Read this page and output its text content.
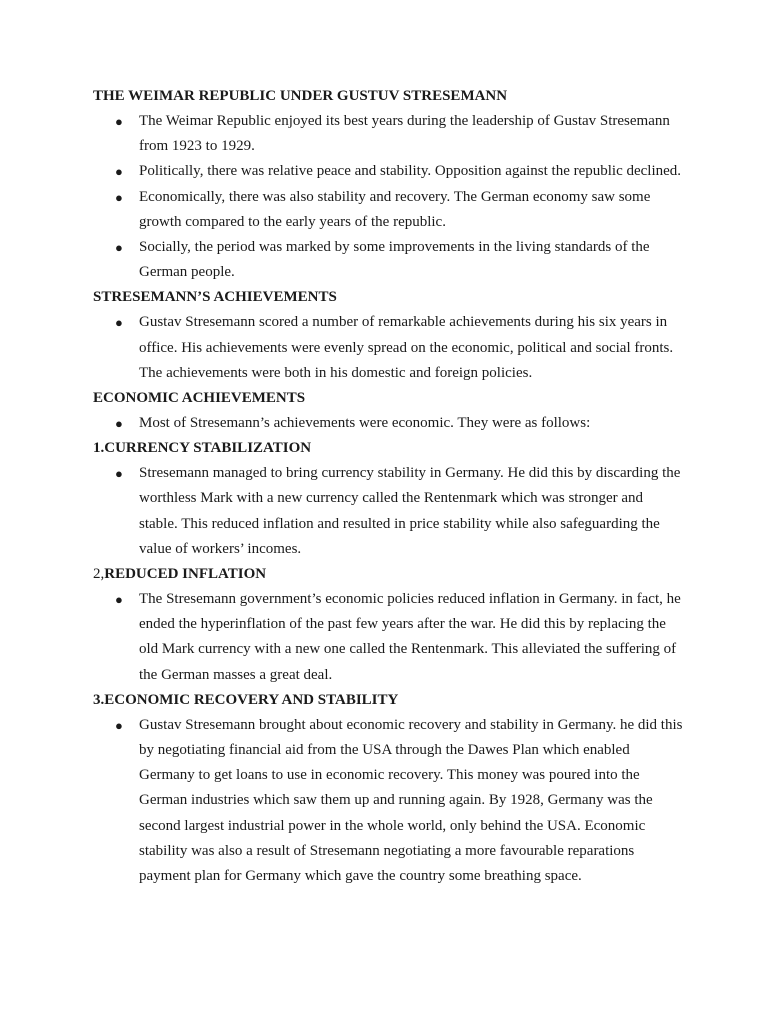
THE WEIMAR REPUBLIC UNDER GUSTUV STRESEMANN
● The Weimar Republic enjoyed its best years during the leadership of Gustav Stresemann from 1923 to 1929.
● Politically, there was relative peace and stability. Opposition against the republic declined.
● Economically, there was also stability and recovery. The German economy saw some growth compared to the early years of the republic.
● Socially, the period was marked by some improvements in the living standards of the German people.
STRESEMANN’S ACHIEVEMENTS
● Gustav Stresemann scored a number of remarkable achievements during his six years in office. His achievements were evenly spread on the economic, political and social fronts. The achievements were both in his domestic and foreign policies.
ECONOMIC ACHIEVEMENTS
● Most of Stresemann’s achievements were economic. They were as follows:
1.CURRENCY STABILIZATION
● Stresemann managed to bring currency stability in Germany. He did this by discarding the worthless Mark with a new currency called the Rentenmark which was stronger and stable. This reduced inflation and resulted in price stability while also safeguarding the value of workers’ incomes.
2,REDUCED INFLATION
● The Stresemann government’s economic policies reduced inflation in Germany. in fact, he ended the hyperinflation of the past few years after the war. He did this by replacing the old Mark currency with a new one called the Rentenmark. This alleviated the suffering of the German masses a great deal.
3.ECONOMIC RECOVERY AND STABILITY
● Gustav Stresemann brought about economic recovery and stability in Germany. he did this by negotiating financial aid from the USA through the Dawes Plan which enabled Germany to get loans to use in economic recovery. This money was poured into the German industries which saw them up and running again. By 1928, Germany was the second largest industrial power in the whole world, only behind the USA. Economic stability was also a result of Stresemann negotiating a more favourable reparations payment plan for Germany which gave the country some breathing space.
